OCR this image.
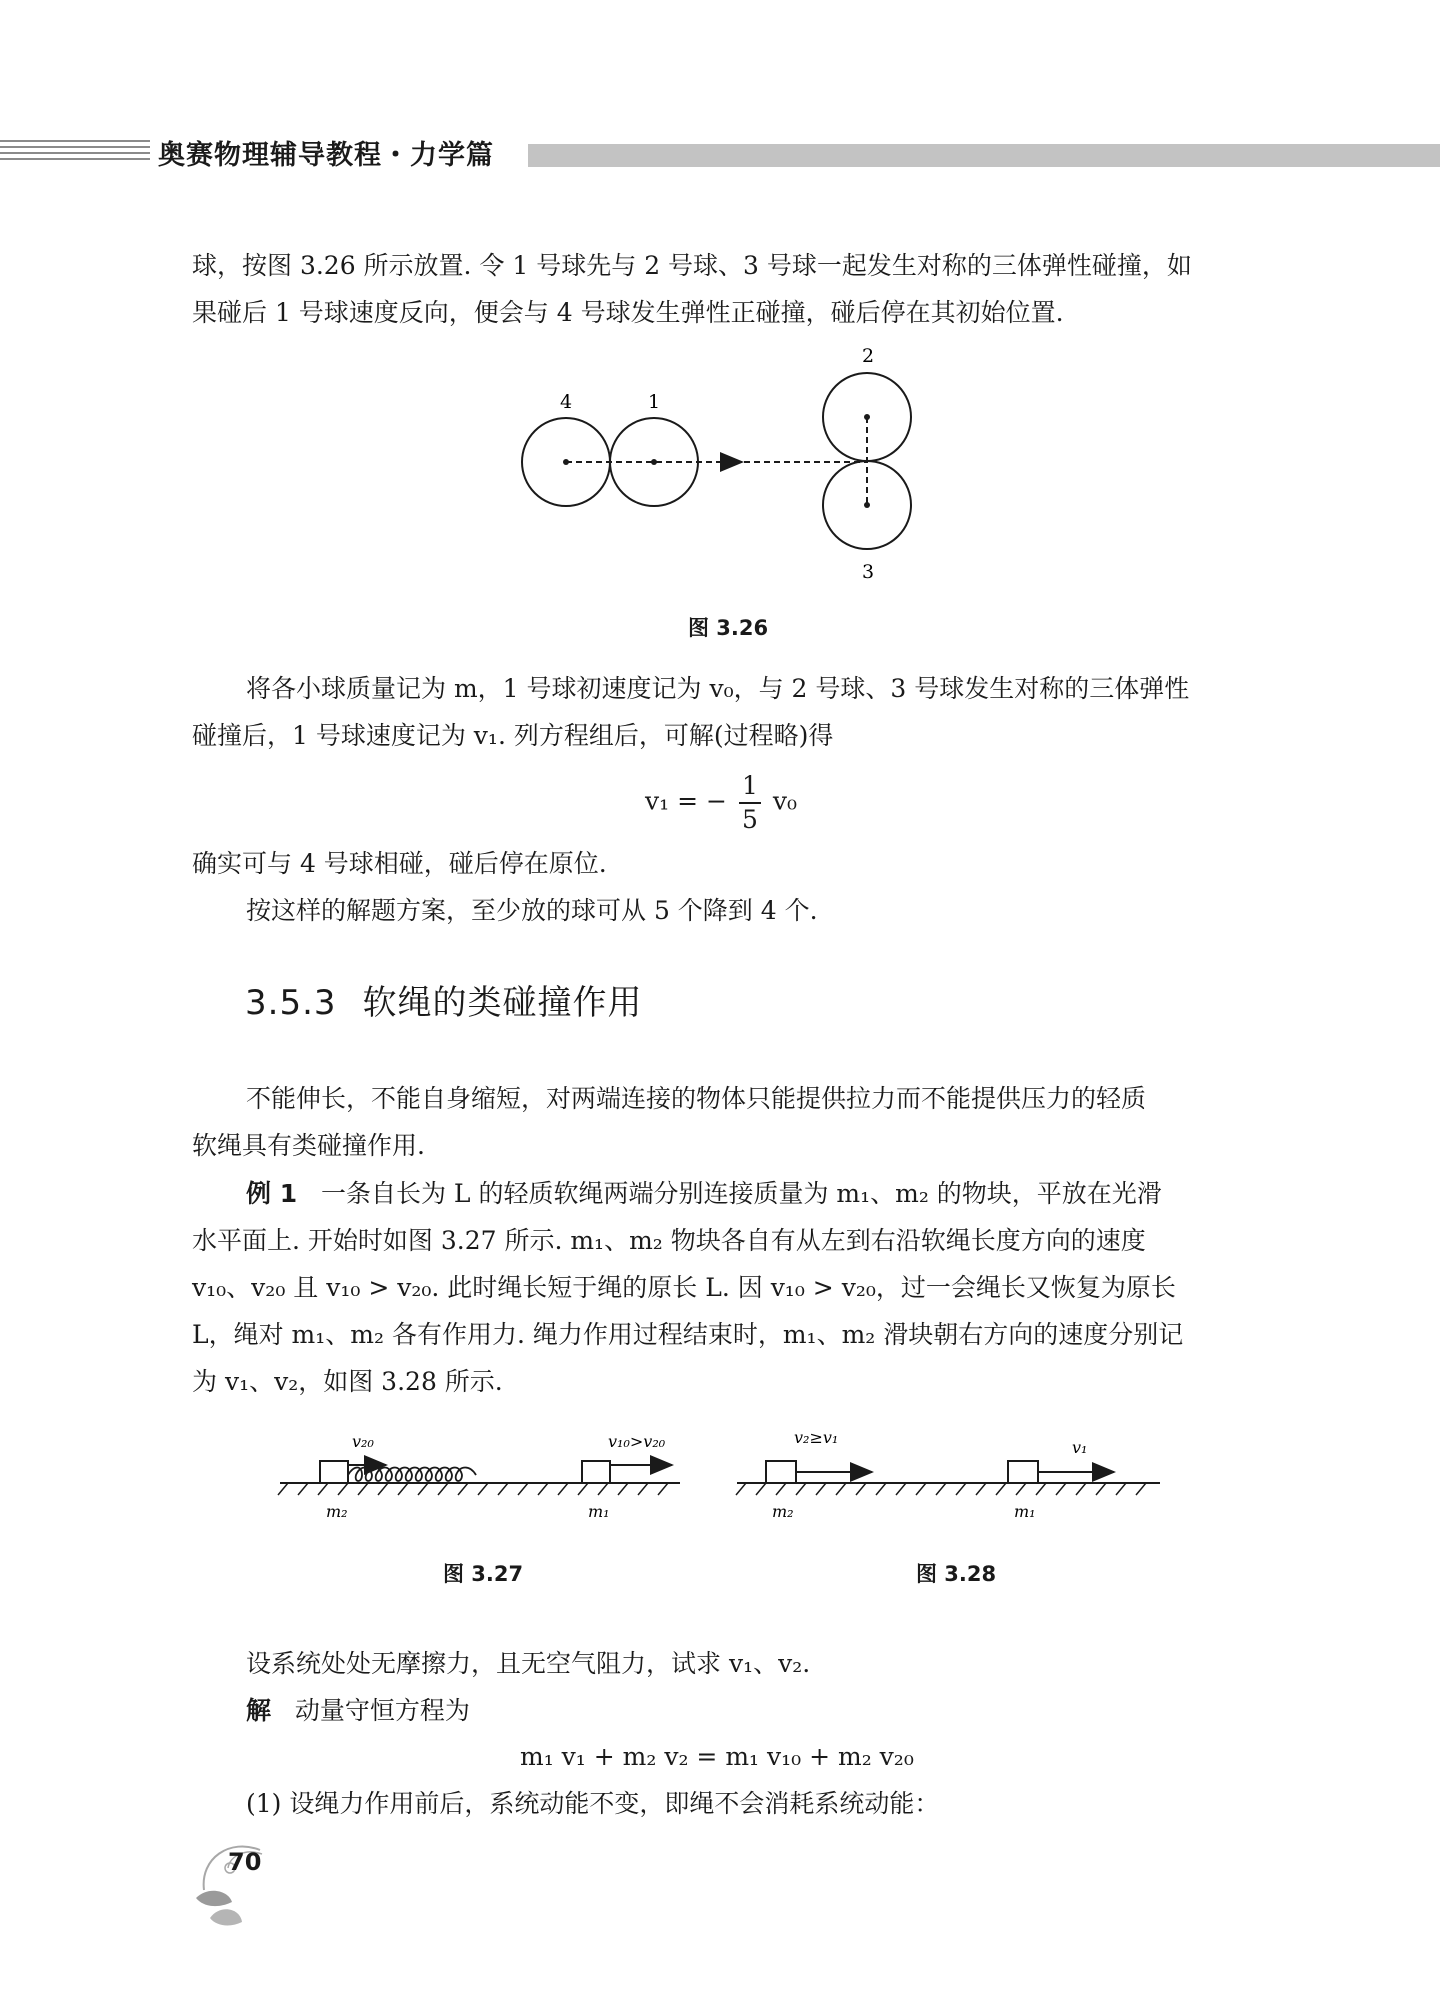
奥赛物理辅导教程・力学篇
球，按图 3.26 所示放置. 令 1 号球先与 2 号球、3 号球一起发生对称的三体弹性碰撞，如
果碰后 1 号球速度反向，便会与 4 号球发生弹性正碰撞，碰后停在其初始位置.
4	1
2
3
图 3.26
将各小球质量记为 m，1 号球初速度记为 v₀，与 2 号球、3 号球发生对称的三体弹性
碰撞后，1 号球速度记为 v₁. 列方程组后，可解(过程略)得
v₁ = − $\frac{1}{5} v_0$
确实可与 4 号球相碰，碰后停在原位.
按这样的解题方案，至少放的球可从 5 个降到 4 个.
3.5.3 软绳的类碰撞作用
不能伸长，不能自身缩短，对两端连接的物体只能提供拉力而不能提供压力的轻质
软绳具有类碰撞作用.
例 1 一条自长为 L 的轻质软绳两端分别连接质量为 m₁、m₂ 的物块，平放在光滑
水平面上. 开始时如图 3.27 所示. m₁、m₂ 物块各自有从左到右沿软绳长度方向的速度
v₁₀、v₂₀ 且 v₁₀ > v₂₀. 此时绳长短于绳的原长 L. 因 v₁₀ > v₂₀，过一会绳长又恢复为原长
L，绳对 m₁、m₂ 各有作用力. 绳力作用过程结束时，m₁、m₂ 滑块朝右方向的速度分别记
为 v₁、v₂，如图 3.28 所示.
v₂₀	v₁₀>v₂₀
m₂	m₁
图 3.27
v₂≥v₁
v₁
m₂	m₁
图 3.28
设系统处处无摩擦力，且无空气阻力，试求 v₁、v₂.
解 动量守恒方程为
m₁ v₁ + m₂ v₂ = m₁ v₁₀ + m₂ v₂₀
(1) 设绳力作用前后，系统动能不变，即绳不会消耗系统动能：
70
